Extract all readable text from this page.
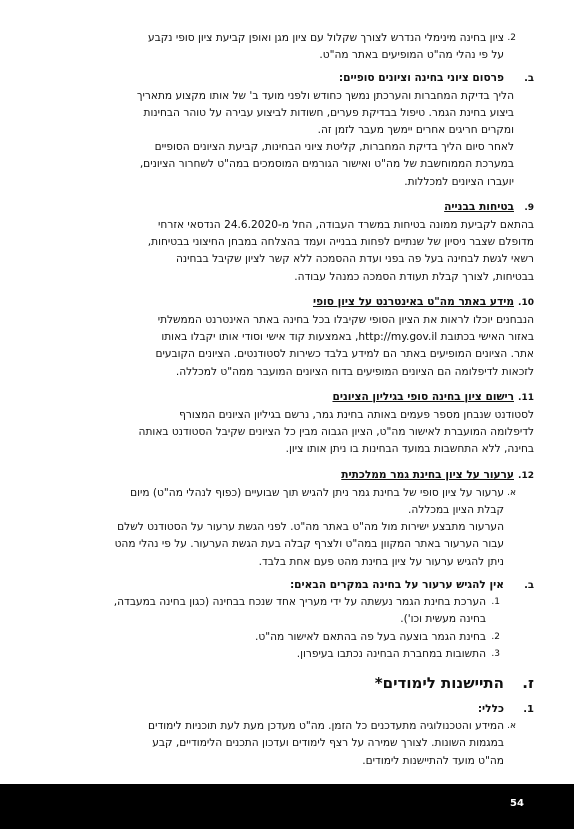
2.
ציון בחינה מינימלי הנדרש לצורך שקלול עם ציון מגן ואופן קביעת ציון סופי נקבע
על פי נהלי מה"ט המופיעים באתר מה"ט.
ב.פרסום ציוני בחינה וציונים סופיים:
הליך בדיקת המחברות והערכתן נמשך כחודש ולפני מועד ב' של אותו מקצוע מתאריך
ביצוע בחינת הגמר. טיפול בבדיקת פערים, חשודות לביצוע עבירה על טוהר הבחינות
ומקרים חריגים אחרים יימשך מעבר לזמן זה.
לאחר סיום הליך בדיקת המחברות, קליטת ציוני הבחינות, קביעת הציונים הסופיים
במערכת הממוחשבת של מה"ט ואישור הגורמים המוסמכים במה"ט לשחרור הציונים,
יועברו הציונים למכללות.
9.בטיחות בבנייה
בהתאם לקביעת ממונה בטיחות במשרד העבודה, החל מ-24.6.2020 הנדסאי אזרחי
מדופלם שצבר ניסיון של שנתיים לפחות בבנייה ועמד בהצלחה במבחן החיצוני בבטיחות,
רשאי לגשת לבחינה בעל פה בפני ועדת ההסמכה ללא קשר לציון שקיבל בבחינה
בבטיחות, לצורך קבלת תעודת הסמכה כמנהל עבודה.
10.מידע באתר מה"ט באינטרנט על ציון סופי
הנבחנים יוכלו לראות את הציון הסופי שקיבלו בכל בחינה באתר האינטרנט הממשלתי
באזור האישי בכתובת http://my.gov.il, באמצעות קוד אישי וסודי אותו יקבלו באותו
אתר. הציונים המופיעים באתר הם למידע בלבד כשירות לסטודנטים. הציונים הקובעים
לזכאות לדיפלומה הם הציונים המופיעים בדוח הציונים המועבר ממה"ט למכללה.
11.רישום ציון בחינה סופי בגיליון הציונים
לסטודנט שנבחן מספר פעמים באותה בחינת גמר, נרשם בגיליון הציונים המצורף
לדיפלומה המועברת לאישור מה"ט, הציון הגבוה מבין כל הציונים שקיבל הסטודנט באותה
בחינה, ללא התחשבות במועד הבחינות בו ניתן אותו ציון.
12.ערעור על ציון בחינת גמר ממלכתית
א.
ערעור על ציון סופי של בחינת גמר ניתן להגיש תוך שבועיים (כפוף לנהלי מה"ט) מיום
קבלת הציון במכללה.
הערעור מתבצע ישירות מול מה"ט באתר מה"ט. לפני הגשת ערעור על הסטודנט לשלם
עבור הערעור באתר המקוון במה"ט ולצרף קבלה בעת הגשת הערעור. על פי נהלי מהט
ניתן להגיש ערעור על ציון בחינת מהט פעם אחת בלבד.
ב.אין להגיש ערעור על בחינה במקרים הבאים:
1.
הערכת בחינת הגמר נעשתה על ידי מעריך אחד שנכח בבחינה (כגון בחינה במעבדה,
בחינה מעשית וכו').
2.
בחינת הגמר בוצעה בעל פה בהתאם לאישור מה"ט.
3.
התשובות במחברת הבחינה נכתבו בעיפרון.
ז.התיישנות לימודים*
1.כללי:
א.
המידע והטכנולוגיה מתעדכנים כל הזמן. מה"ט מעדכן מעת לעת תוכניות לימודים
במגמות השונות. לצורך שמירה על רצף לימודים ועדכון התכנים הלימודיים, קבע
מה"ט מועד להתיישנות לימודים.
54
